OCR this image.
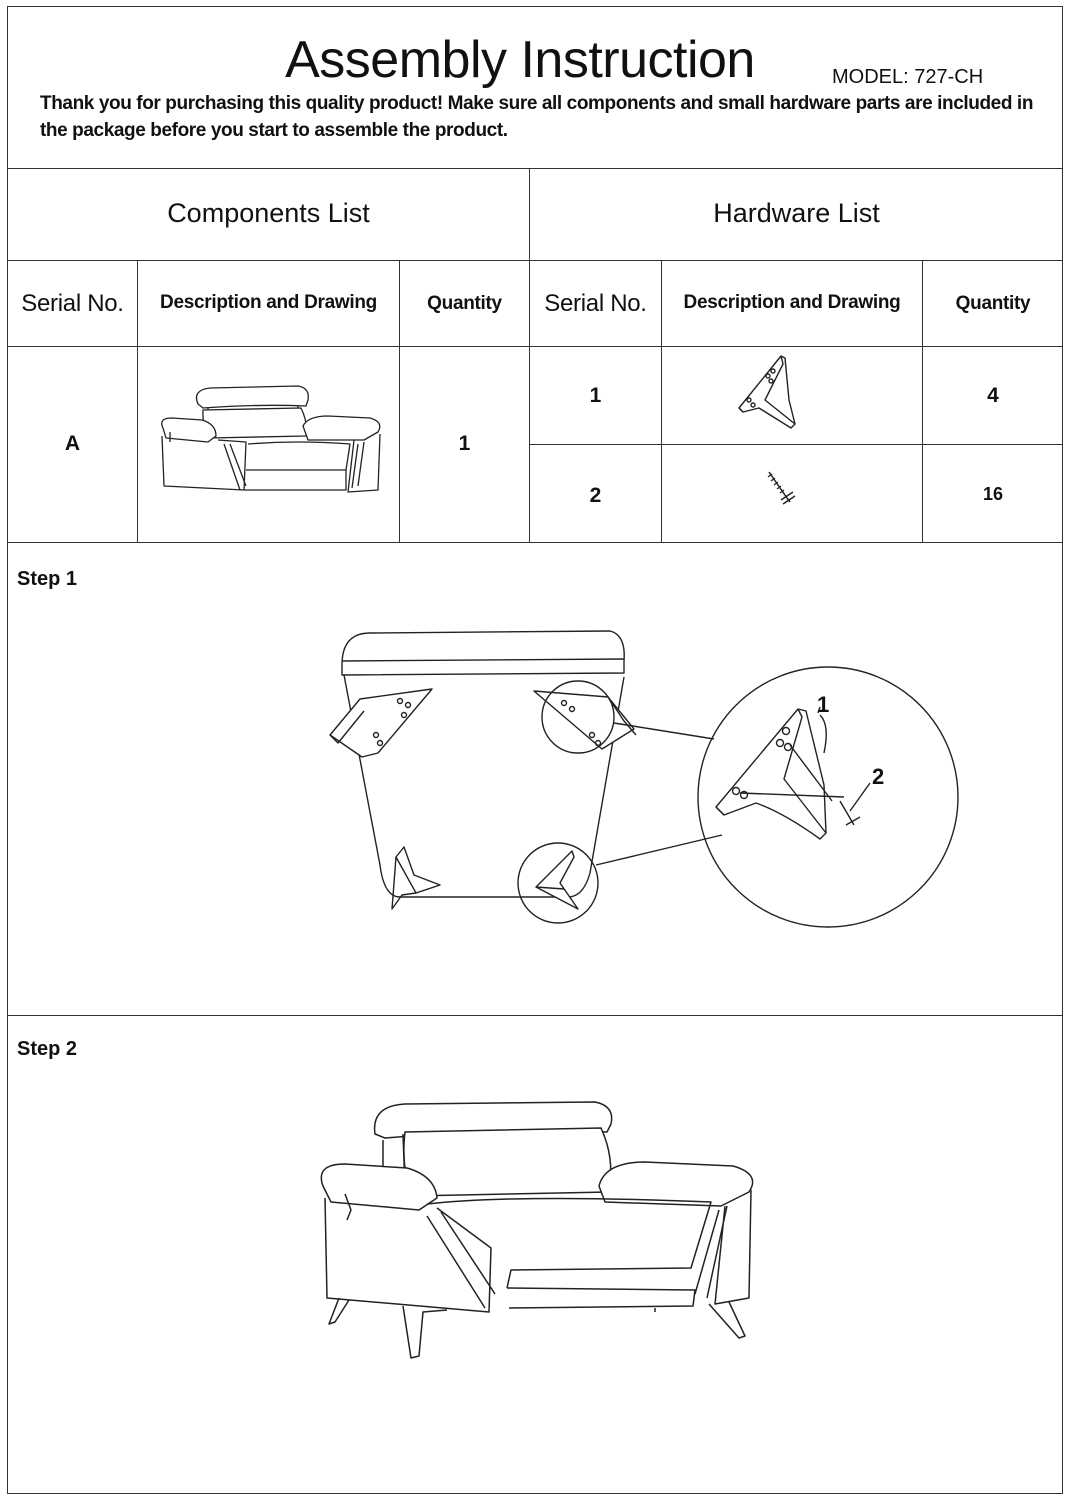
Assembly Instruction	MODEL: 727-CH
Thank you for purchasing this quality product! Make sure all components and small hardware parts are included in the package before you start to assemble the product.
Components List	Hardware List
Serial No.	Description and Drawing	Quantity	Serial No.	Description and Drawing	Quantity
A	1
1	4
2	16
Step 1
1
2
Step 2
